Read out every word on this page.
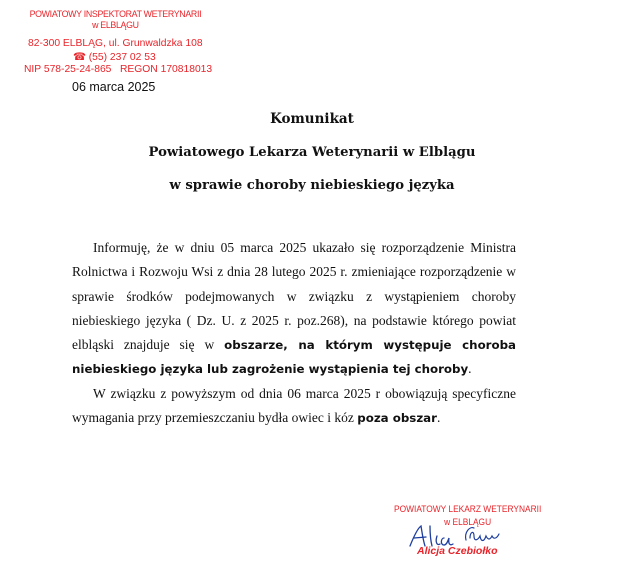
POWIATOWY INSPEKTORAT WETERYNARII
w ELBLĄGU
82-300 ELBLĄG, ul. Grunwaldzka 108
☎ (55) 237 02 53
NIP 578-25-24-865   REGON 170818013
06 marca 2025
Komunikat
Powiatowego Lekarza Weterynarii w Elblągu
w sprawie choroby niebieskiego języka

Informuję, że w dniu 05 marca 2025 ukazało się rozporządzenie Ministra Rolnictwa i Rozwoju Wsi z dnia 28 lutego 2025 r. zmieniające rozporządzenie w sprawie środków podejmowanych w związku z wystąpieniem choroby niebieskiego języka ( Dz. U. z 2025 r. poz.268), na podstawie którego powiat elbląski znajduje się w obszarze, na którym występuje choroba niebieskiego języka lub zagrożenie wystąpienia tej choroby.

W związku z powyższym od dnia 06 marca 2025 r obowiązują specyficzne wymagania przy przemieszczaniu bydła owiec i kóz poza obszar.

POWIATOWY LEKARZ WETERYNARII
w ELBLĄGU
Alicja Czebiołko
